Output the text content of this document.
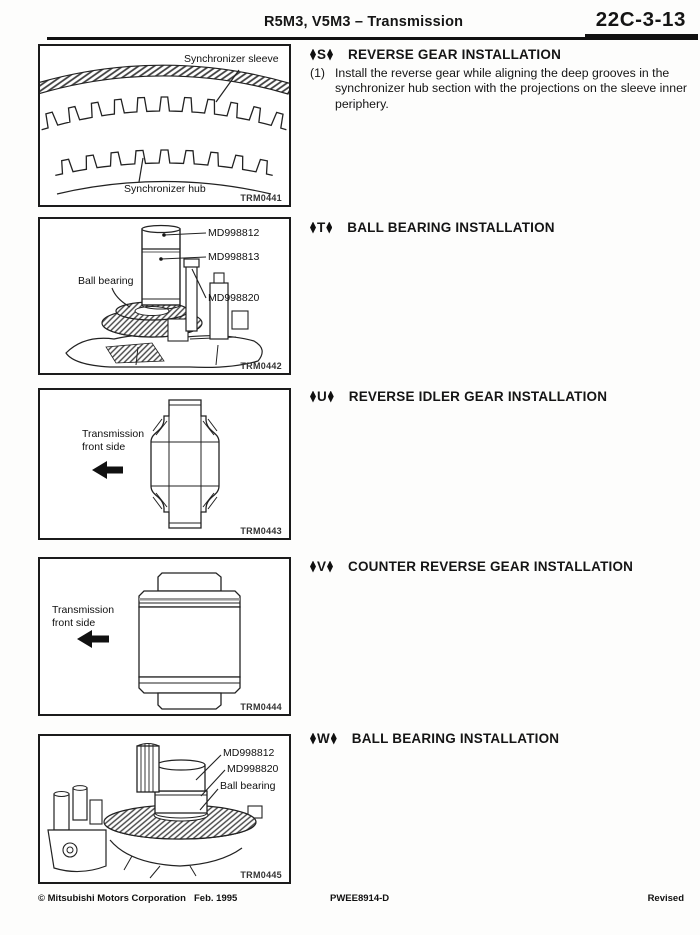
R5M3, V5M3 – Transmission	22C-3-13
Synchronizer sleeve
Synchronizer hub
TRM0441
MD998812
MD998813
MD998820
Ball bearing
TRM0442
Transmission
front side
TRM0443
Transmission
front side
TRM0444
MD998812
MD998820
Ball bearing
TRM0445
S REVERSE GEAR INSTALLATION
(1) Install the reverse gear while aligning the deep grooves in the synchronizer hub section with the projections on the sleeve inner periphery.
T BALL BEARING INSTALLATION
U REVERSE IDLER GEAR INSTALLATION
V COUNTER REVERSE GEAR INSTALLATION
W BALL BEARING INSTALLATION
© Mitsubishi Motors Corporation Feb. 1995	PWEE8914-D	Revised
